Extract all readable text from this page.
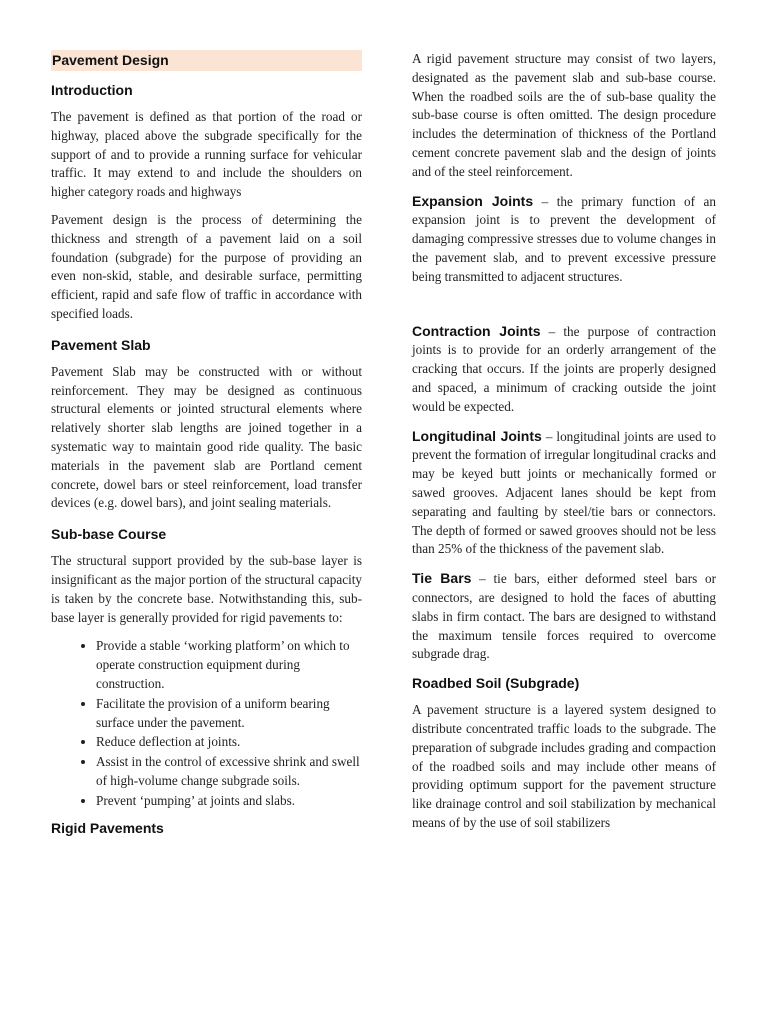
Pavement Design
Introduction

The pavement is defined as that portion of the road or highway, placed above the subgrade specifically for the support of and to provide a running surface for vehicular traffic. It may extend to and include the shoulders on higher category roads and highways

Pavement design is the process of determining the thickness and strength of a pavement laid on a soil foundation (subgrade) for the purpose of providing an even non-skid, stable, and desirable surface, permitting efficient, rapid and safe flow of traffic in accordance with specified loads.

Pavement Slab

Pavement Slab may be constructed with or without reinforcement. They may be designed as continuous structural elements or jointed structural elements where relatively shorter slab lengths are joined together in a systematic way to maintain good ride quality. The basic materials in the pavement slab are Portland cement concrete, dowel bars or steel reinforcement, load transfer devices (e.g. dowel bars), and joint sealing materials.

Sub-base Course

The structural support provided by the sub-base layer is insignificant as the major portion of the structural capacity is taken by the concrete base. Notwithstanding this, sub-base layer is generally provided for rigid pavements to:

• Provide a stable ‘working platform’ on which to operate construction equipment during construction.
• Facilitate the provision of a uniform bearing surface under the pavement.
• Reduce deflection at joints.
• Assist in the control of excessive shrink and swell of high-volume change subgrade soils.
• Prevent ‘pumping’ at joints and slabs.
Rigid Pavements

A rigid pavement structure may consist of two layers, designated as the pavement slab and sub-base course. When the roadbed soils are the of sub-base quality the sub-base course is often omitted. The design procedure includes the determination of thickness of the Portland cement concrete pavement slab and the design of joints and of the steel reinforcement.

Expansion Joints – the primary function of an expansion joint is to prevent the development of damaging compressive stresses due to volume changes in the pavement slab, and to prevent excessive pressure being transmitted to adjacent structures.

Contraction Joints – the purpose of contraction joints is to provide for an orderly arrangement of the cracking that occurs. If the joints are properly designed and spaced, a minimum of cracking outside the joint would be expected.

Longitudinal Joints – longitudinal joints are used to prevent the formation of irregular longitudinal cracks and may be keyed butt joints or mechanically formed or sawed grooves. Adjacent lanes should be kept from separating and faulting by steel/tie bars or connectors. The depth of formed or sawed grooves should not be less than 25% of the thickness of the pavement slab.

Tie Bars – tie bars, either deformed steel bars or connectors, are designed to hold the faces of abutting slabs in firm contact. The bars are designed to withstand the maximum tensile forces required to overcome subgrade drag.

Roadbed Soil (Subgrade)

A pavement structure is a layered system designed to distribute concentrated traffic loads to the subgrade. The preparation of subgrade includes grading and compaction of the roadbed soils and may include other means of providing optimum support for the pavement structure like drainage control and soil stabilization by mechanical means of by the use of soil stabilizers
